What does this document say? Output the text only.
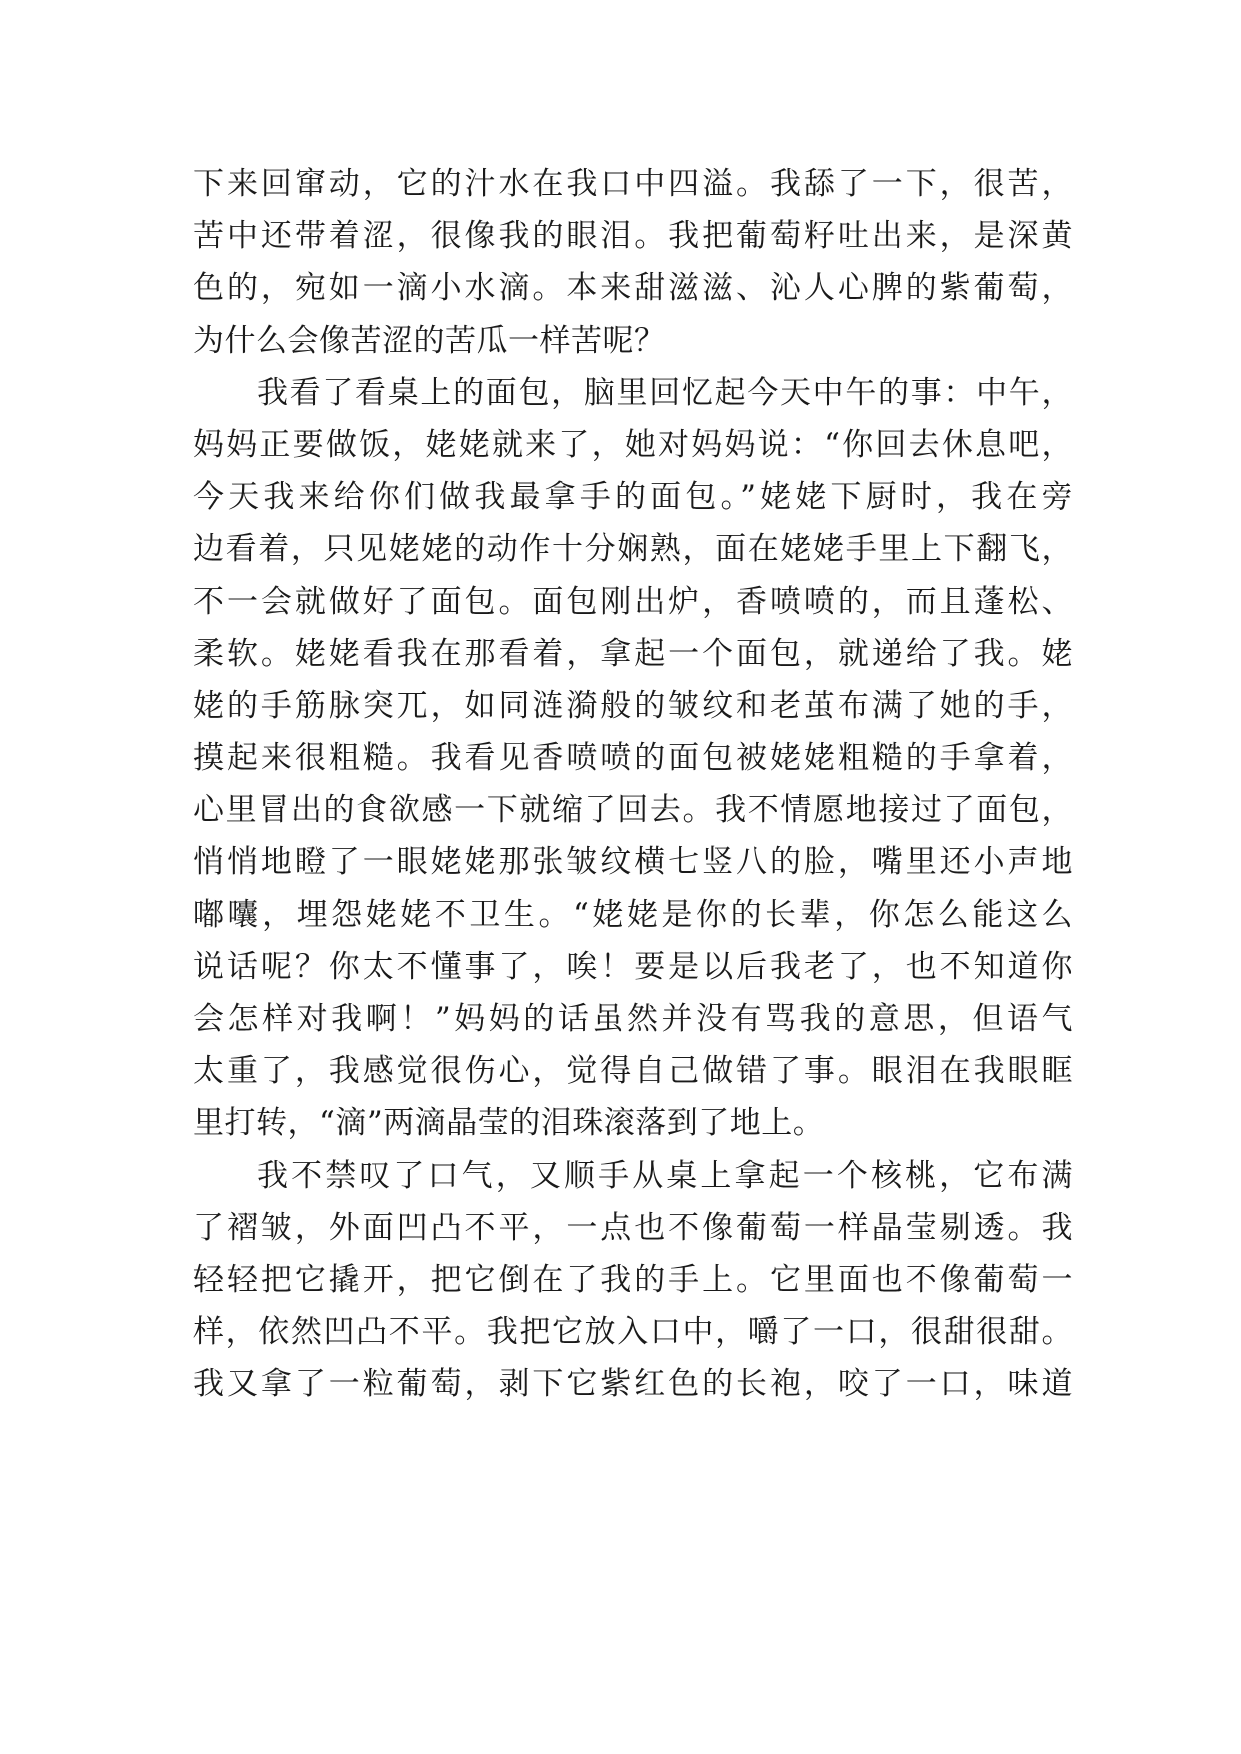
下来回窜动，它的汁水在我口中四溢。我舔了一下，很苦，
苦中还带着涩，很像我的眼泪。我把葡萄籽吐出来，是深黄
色的，宛如一滴小水滴。本来甜滋滋、沁人心脾的紫葡萄，
为什么会像苦涩的苦瓜一样苦呢？
我看了看桌上的面包，脑里回忆起今天中午的事：中午，
妈妈正要做饭，姥姥就来了，她对妈妈说：“你回去休息吧，
今天我来给你们做我最拿手的面包。”姥姥下厨时，我在旁
边看着，只见姥姥的动作十分娴熟，面在姥姥手里上下翻飞，
不一会就做好了面包。面包刚出炉，香喷喷的，而且蓬松、
柔软。姥姥看我在那看着，拿起一个面包，就递给了我。姥
姥的手筋脉突兀，如同涟漪般的皱纹和老茧布满了她的手，
摸起来很粗糙。我看见香喷喷的面包被姥姥粗糙的手拿着，
心里冒出的食欲感一下就缩了回去。我不情愿地接过了面包，
悄悄地瞪了一眼姥姥那张皱纹横七竖八的脸，嘴里还小声地
嘟囔，埋怨姥姥不卫生。“姥姥是你的长辈，你怎么能这么
说话呢？你太不懂事了，唉！要是以后我老了，也不知道你
会怎样对我啊！”妈妈的话虽然并没有骂我的意思，但语气
太重了，我感觉很伤心，觉得自己做错了事。眼泪在我眼眶
里打转，“滴”两滴晶莹的泪珠滚落到了地上。
我不禁叹了口气，又顺手从桌上拿起一个核桃，它布满
了褶皱，外面凹凸不平，一点也不像葡萄一样晶莹剔透。我
轻轻把它撬开，把它倒在了我的手上。它里面也不像葡萄一
样，依然凹凸不平。我把它放入口中，嚼了一口，很甜很甜。
我又拿了一粒葡萄，剥下它紫红色的长袍，咬了一口，味道
